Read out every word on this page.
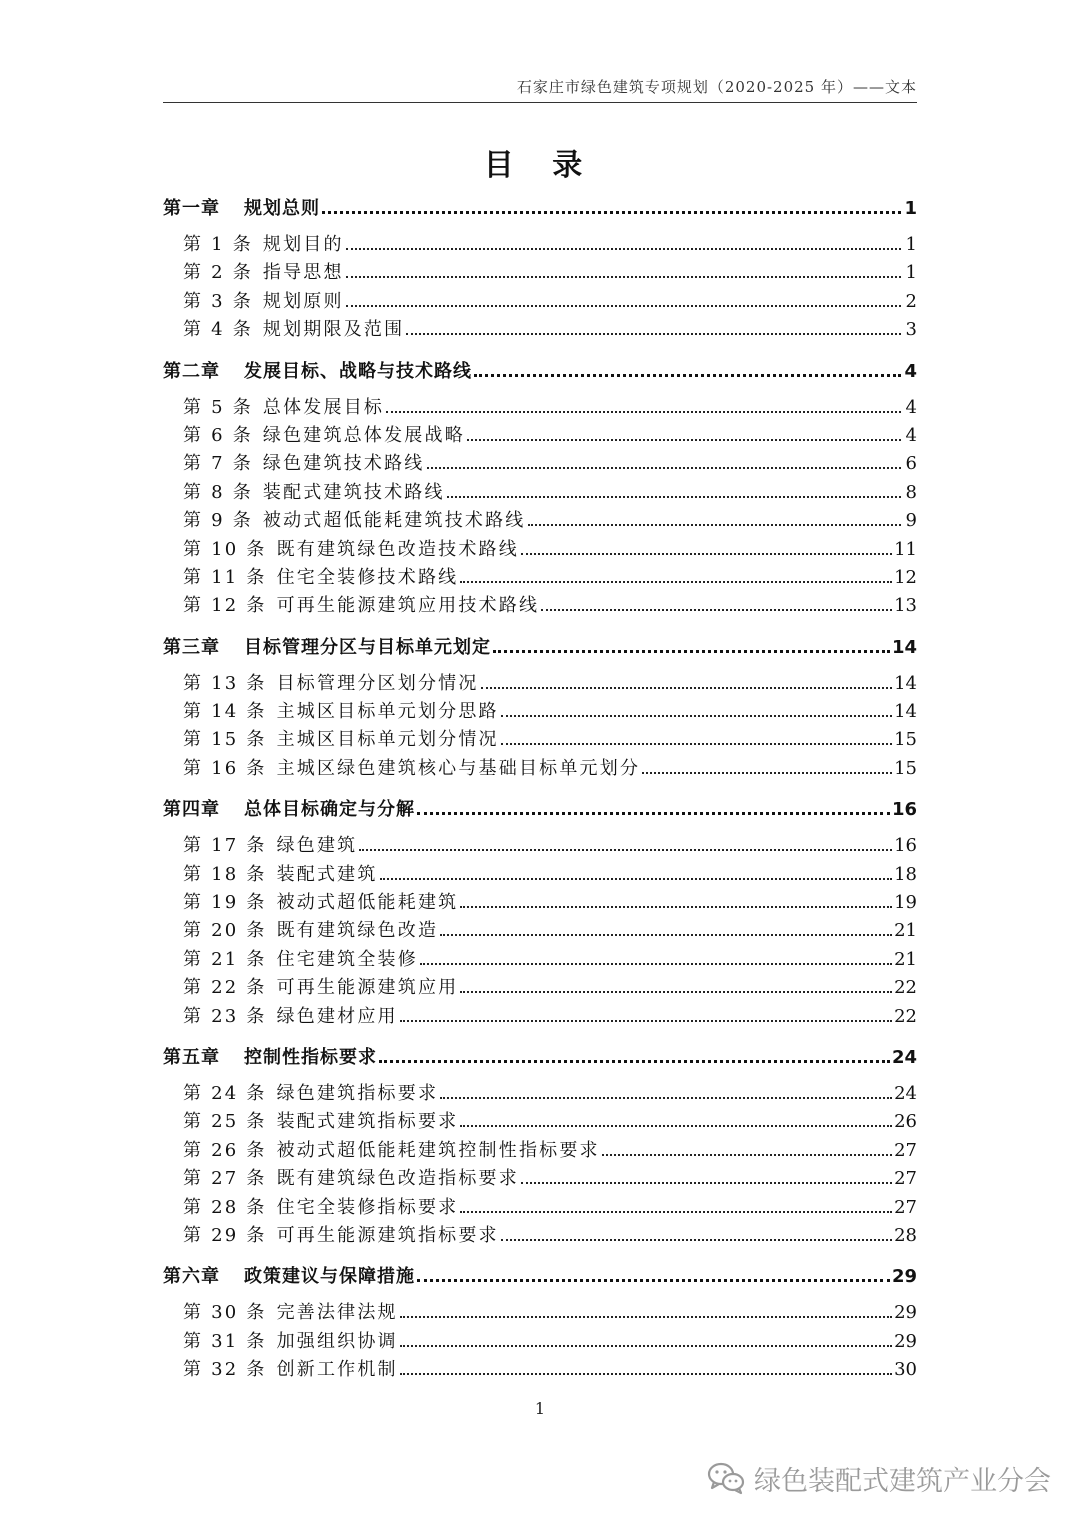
石家庄市绿色建筑专项规划（2020-2025 年）——文本
目 录
第一章 规划总则	1
第 1 条 规划目的	1
第 2 条 指导思想	1
第 3 条 规划原则	2
第 4 条 规划期限及范围	3
第二章 发展目标、战略与技术路线	4
第 5 条 总体发展目标	4
第 6 条 绿色建筑总体发展战略	4
第 7 条 绿色建筑技术路线	6
第 8 条 装配式建筑技术路线	8
第 9 条 被动式超低能耗建筑技术路线	9
第 10 条 既有建筑绿色改造技术路线	11
第 11 条 住宅全装修技术路线	12
第 12 条 可再生能源建筑应用技术路线	13
第三章 目标管理分区与目标单元划定	14
第 13 条 目标管理分区划分情况	14
第 14 条 主城区目标单元划分思路	14
第 15 条 主城区目标单元划分情况	15
第 16 条 主城区绿色建筑核心与基础目标单元划分	15
第四章 总体目标确定与分解	16
第 17 条 绿色建筑	16
第 18 条 装配式建筑	18
第 19 条 被动式超低能耗建筑	19
第 20 条 既有建筑绿色改造	21
第 21 条 住宅建筑全装修	21
第 22 条 可再生能源建筑应用	22
第 23 条 绿色建材应用	22
第五章 控制性指标要求	24
第 24 条 绿色建筑指标要求	24
第 25 条 装配式建筑指标要求	26
第 26 条 被动式超低能耗建筑控制性指标要求	27
第 27 条 既有建筑绿色改造指标要求	27
第 28 条 住宅全装修指标要求	27
第 29 条 可再生能源建筑指标要求	28
第六章 政策建议与保障措施	29
第 30 条 完善法律法规	29
第 31 条 加强组织协调	29
第 32 条 创新工作机制	30
1
绿色装配式建筑产业分会
